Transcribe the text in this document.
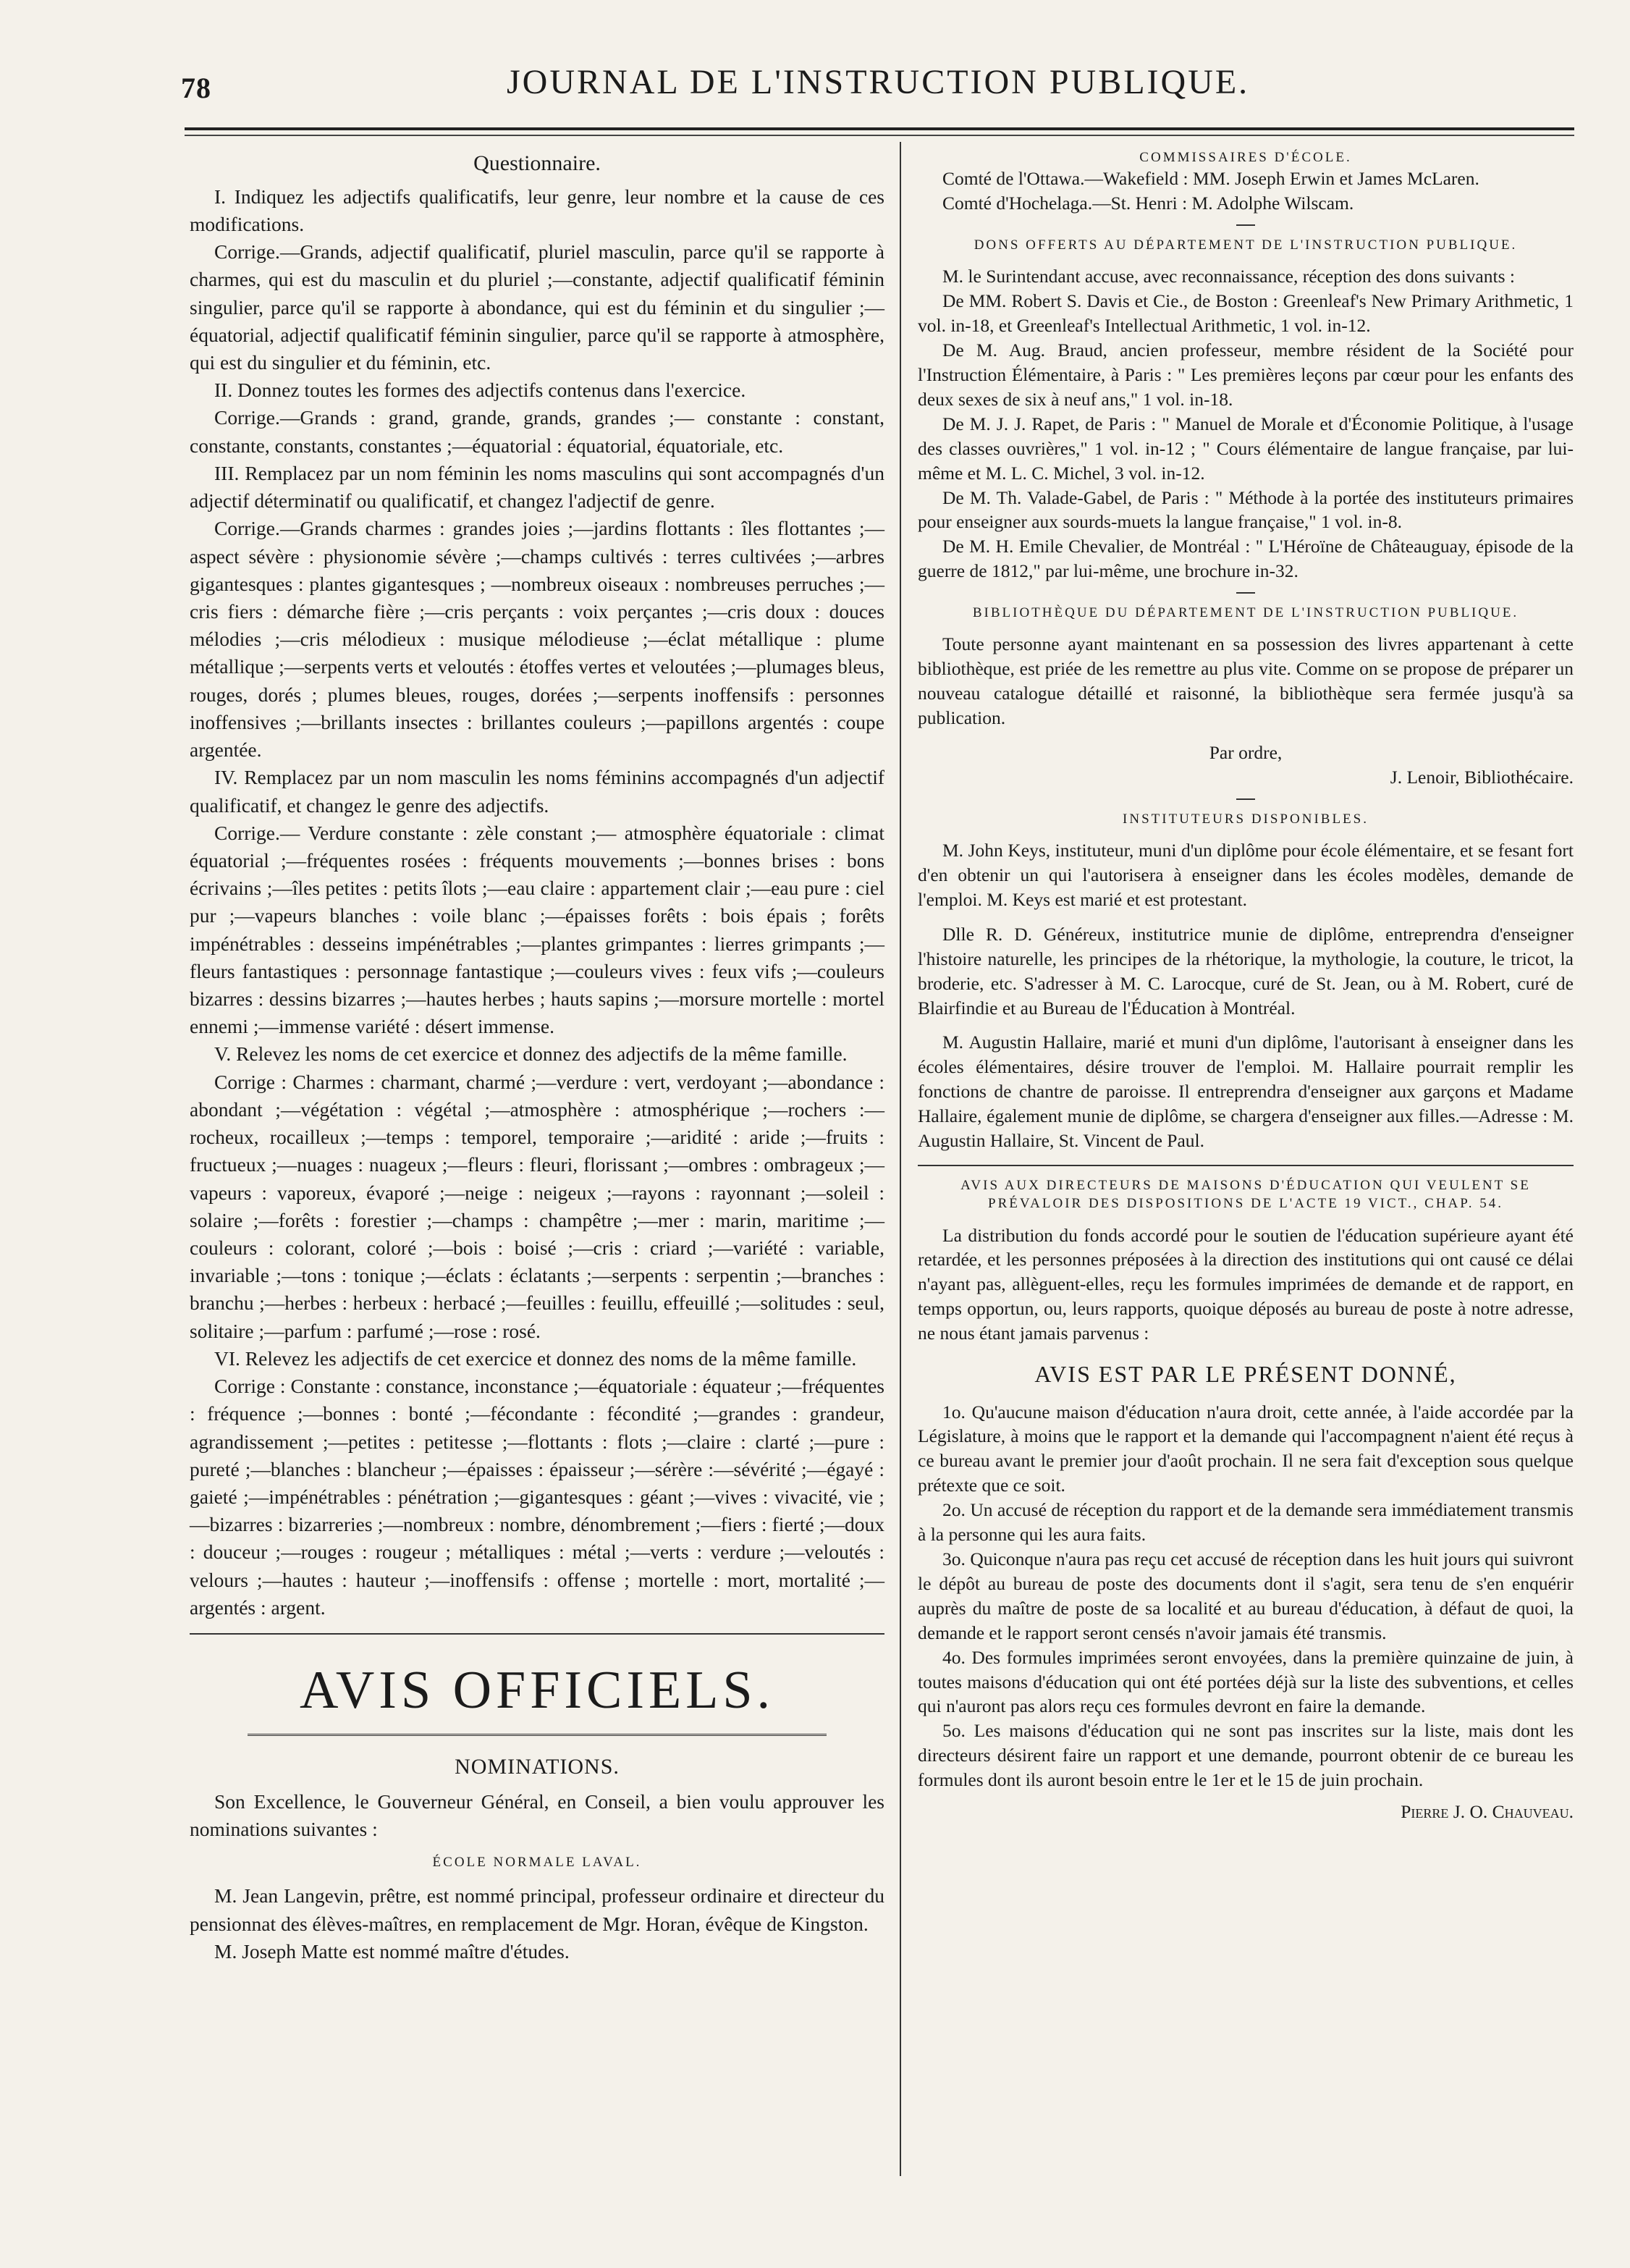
78	JOURNAL DE L'INSTRUCTION PUBLIQUE.

Questionnaire.

I. Indiquez les adjectifs qualificatifs, leur genre, leur nombre et la cause de ces modifications.

Corrige.—Grands, adjectif qualificatif, pluriel masculin, parce qu'il se rapporte à charmes, qui est du masculin et du pluriel ;—constante, adjectif qualificatif féminin singulier, parce qu'il se rapporte à abondance, qui est du féminin et du singulier ;—équatorial, adjectif qualificatif féminin singulier, parce qu'il se rapporte à atmosphère, qui est du singulier et du féminin, etc.

II. Donnez toutes les formes des adjectifs contenus dans l'exercice.

Corrige.—Grands : grand, grande, grands, grandes ;— constante : constant, constante, constants, constantes ;—équatorial : équatorial, équatoriale, etc.

III. Remplacez par un nom féminin les noms masculins qui sont accompagnés d'un adjectif déterminatif ou qualificatif, et changez l'adjectif de genre.

Corrige.—Grands charmes : grandes joies ;—jardins flottants : îles flottantes ;—aspect sévère : physionomie sévère ;—champs cultivés : terres cultivées ;—arbres gigantesques : plantes gigantesques ; —nombreux oiseaux : nombreuses perruches ;—cris fiers : démarche fière ;—cris perçants : voix perçantes ;—cris doux : douces mélodies ;—cris mélodieux : musique mélodieuse ;—éclat métallique : plume métallique ;—serpents verts et veloutés : étoffes vertes et veloutées ;—plumages bleus, rouges, dorés ; plumes bleues, rouges, dorées ;—serpents inoffensifs : personnes inoffensives ;—brillants insectes : brillantes couleurs ;—papillons argentés : coupe argentée.

IV. Remplacez par un nom masculin les noms féminins accompagnés d'un adjectif qualificatif, et changez le genre des adjectifs.

Corrige.— Verdure constante : zèle constant ;— atmosphère équatoriale : climat équatorial ;—fréquentes rosées : fréquents mouvements ;—bonnes brises : bons écrivains ;—îles petites : petits îlots ;—eau claire : appartement clair ;—eau pure : ciel pur ;—vapeurs blanches : voile blanc ;—épaisses forêts : bois épais ; forêts impénétrables : desseins impénétrables ;—plantes grimpantes : lierres grimpants ;—fleurs fantastiques : personnage fantastique ;—couleurs vives : feux vifs ;—couleurs bizarres : dessins bizarres ;—hautes herbes ; hauts sapins ;—morsure mortelle : mortel ennemi ;—immense variété : désert immense.

V. Relevez les noms de cet exercice et donnez des adjectifs de la même famille.

Corrige : Charmes : charmant, charmé ;—verdure : vert, verdoyant ;—abondance : abondant ;—végétation : végétal ;—atmosphère : atmosphérique ;—rochers :—rocheux, rocailleux ;—temps : temporel, temporaire ;—aridité : aride ;—fruits : fructueux ;—nuages : nuageux ;—fleurs : fleuri, florissant ;—ombres : ombrageux ;—vapeurs : vaporeux, évaporé ;—neige : neigeux ;—rayons : rayonnant ;—soleil : solaire ;—forêts : forestier ;—champs : champêtre ;—mer : marin, maritime ;—couleurs : colorant, coloré ;—bois : boisé ;—cris : criard ;—variété : variable, invariable ;—tons : tonique ;—éclats : éclatants ;—serpents : serpentin ;—branches : branchu ;—herbes : herbeux : herbacé ;—feuilles : feuillu, effeuillé ;—solitudes : seul, solitaire ;—parfum : parfumé ;—rose : rosé.

VI. Relevez les adjectifs de cet exercice et donnez des noms de la même famille.

Corrige : Constante : constance, inconstance ;—équatoriale : équateur ;—fréquentes : fréquence ;—bonnes : bonté ;—fécondante : fécondité ;—grandes : grandeur, agrandissement ;—petites : petitesse ;—flottants : flots ;—claire : clarté ;—pure : pureté ;—blanches : blancheur ;—épaisses : épaisseur ;—sérère :—sévérité ;—égayé : gaieté ;—impénétrables : pénétration ;—gigantesques : géant ;—vives : vivacité, vie ;—bizarres : bizarreries ;—nombreux : nombre, dénombrement ;—fiers : fierté ;—doux : douceur ;—rouges : rougeur ; métalliques : métal ;—verts : verdure ;—veloutés : velours ;—hautes : hauteur ;—inoffensifs : offense ; mortelle : mort, mortalité ;—argentés : argent.

AVIS OFFICIELS.

NOMINATIONS.

Son Excellence, le Gouverneur Général, en Conseil, a bien voulu approuver les nominations suivantes :

ÉCOLE NORMALE LAVAL.

M. Jean Langevin, prêtre, est nommé principal, professeur ordinaire et directeur du pensionnat des élèves-maîtres, en remplacement de Mgr. Horan, évêque de Kingston.

M. Joseph Matte est nommé maître d'études.

COMMISSAIRES D'ÉCOLE.

Comté de l'Ottawa.—Wakefield : MM. Joseph Erwin et James McLaren.

Comté d'Hochelaga.—St. Henri : M. Adolphe Wilscam.

DONS OFFERTS AU DÉPARTEMENT DE L'INSTRUCTION PUBLIQUE.

M. le Surintendant accuse, avec reconnaissance, réception des dons suivants :

De MM. Robert S. Davis et Cie., de Boston : Greenleaf's New Primary Arithmetic, 1 vol. in-18, et Greenleaf's Intellectual Arithmetic, 1 vol. in-12.

De M. Aug. Braud, ancien professeur, membre résident de la Société pour l'Instruction Élémentaire, à Paris : " Les premières leçons par cœur pour les enfants des deux sexes de six à neuf ans," 1 vol. in-18.

De M. J. J. Rapet, de Paris : " Manuel de Morale et d'Économie Politique, à l'usage des classes ouvrières," 1 vol. in-12 ; " Cours élémentaire de langue française, par lui-même et M. L. C. Michel, 3 vol. in-12.

De M. Th. Valade-Gabel, de Paris : " Méthode à la portée des instituteurs primaires pour enseigner aux sourds-muets la langue française," 1 vol. in-8.

De M. H. Emile Chevalier, de Montréal : " L'Héroïne de Châteauguay, épisode de la guerre de 1812," par lui-même, une brochure in-32.

BIBLIOTHÈQUE DU DÉPARTEMENT DE L'INSTRUCTION PUBLIQUE.

Toute personne ayant maintenant en sa possession des livres appartenant à cette bibliothèque, est priée de les remettre au plus vite. Comme on se propose de préparer un nouveau catalogue détaillé et raisonné, la bibliothèque sera fermée jusqu'à sa publication.

Par ordre,

J. Lenoir, Bibliothécaire.

INSTITUTEURS DISPONIBLES.

M. John Keys, instituteur, muni d'un diplôme pour école élémentaire, et se fesant fort d'en obtenir un qui l'autorisera à enseigner dans les écoles modèles, demande de l'emploi. M. Keys est marié et est protestant.

Dlle R. D. Généreux, institutrice munie de diplôme, entreprendra d'enseigner l'histoire naturelle, les principes de la rhétorique, la mythologie, la couture, le tricot, la broderie, etc. S'adresser à M. C. Larocque, curé de St. Jean, ou à M. Robert, curé de Blairfindie et au Bureau de l'Éducation à Montréal.

M. Augustin Hallaire, marié et muni d'un diplôme, l'autorisant à enseigner dans les écoles élémentaires, désire trouver de l'emploi. M. Hallaire pourrait remplir les fonctions de chantre de paroisse. Il entreprendra d'enseigner aux garçons et Madame Hallaire, également munie de diplôme, se chargera d'enseigner aux filles.—Adresse : M. Augustin Hallaire, St. Vincent de Paul.

AVIS AUX DIRECTEURS DE MAISONS D'ÉDUCATION QUI VEULENT SE PRÉVALOIR DES DISPOSITIONS DE L'ACTE 19 VICT., CHAP. 54.

La distribution du fonds accordé pour le soutien de l'éducation supérieure ayant été retardée, et les personnes préposées à la direction des institutions qui ont causé ce délai n'ayant pas, allèguent-elles, reçu les formules imprimées de demande et de rapport, en temps opportun, ou, leurs rapports, quoique déposés au bureau de poste à notre adresse, ne nous étant jamais parvenus :

AVIS EST PAR LE PRÉSENT DONNÉ,

1o. Qu'aucune maison d'éducation n'aura droit, cette année, à l'aide accordée par la Législature, à moins que le rapport et la demande qui l'accompagnent n'aient été reçus à ce bureau avant le premier jour d'août prochain. Il ne sera fait d'exception sous quelque prétexte que ce soit.

2o. Un accusé de réception du rapport et de la demande sera immédiatement transmis à la personne qui les aura faits.

3o. Quiconque n'aura pas reçu cet accusé de réception dans les huit jours qui suivront le dépôt au bureau de poste des documents dont il s'agit, sera tenu de s'en enquérir auprès du maître de poste de sa localité et au bureau d'éducation, à défaut de quoi, la demande et le rapport seront censés n'avoir jamais été transmis.

4o. Des formules imprimées seront envoyées, dans la première quinzaine de juin, à toutes maisons d'éducation qui ont été portées déjà sur la liste des subventions, et celles qui n'auront pas alors reçu ces formules devront en faire la demande.

5o. Les maisons d'éducation qui ne sont pas inscrites sur la liste, mais dont les directeurs désirent faire un rapport et une demande, pourront obtenir de ce bureau les formules dont ils auront besoin entre le 1er et le 15 de juin prochain.

Pierre J. O. Chauveau.
